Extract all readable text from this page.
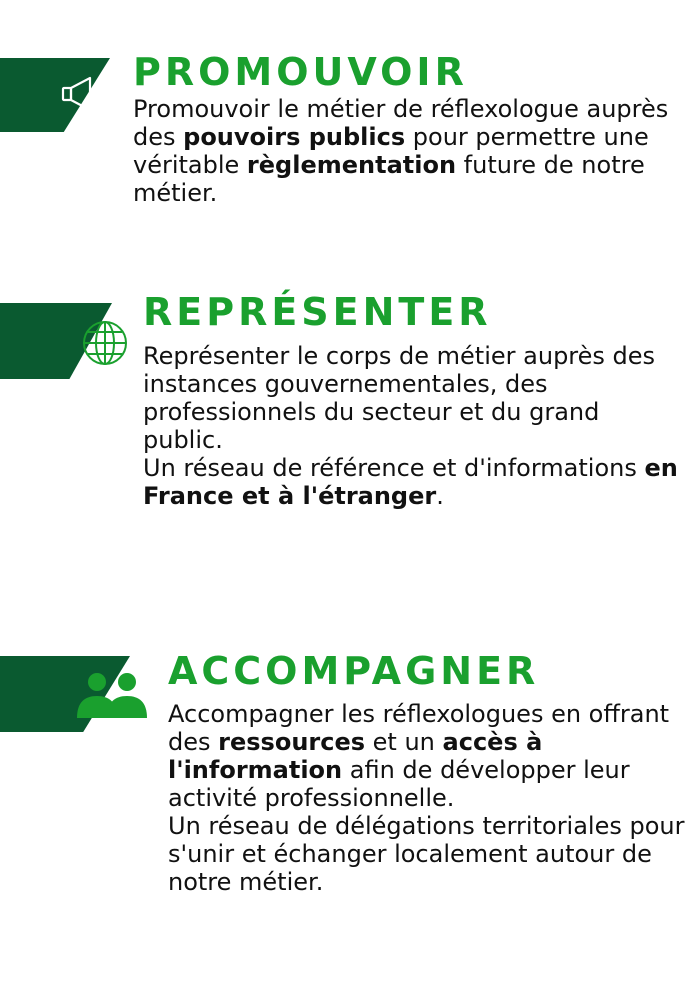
PROMOUVOIR

Promouvoir le métier de réflexologue auprès des pouvoirs publics pour permettre une véritable règlementation future de notre métier.

REPRÉSENTER

Représenter le corps de métier auprès des instances gouvernementales, des professionnels du secteur et du grand public.

Un réseau de référence et d'informations en France et à l'étranger.

ACCOMPAGNER

Accompagner les réflexologues en offrant des ressources et un accès à l'information afin de développer leur activité professionnelle.

Un réseau de délégations territoriales pour s'unir et échanger localement autour de notre métier.
